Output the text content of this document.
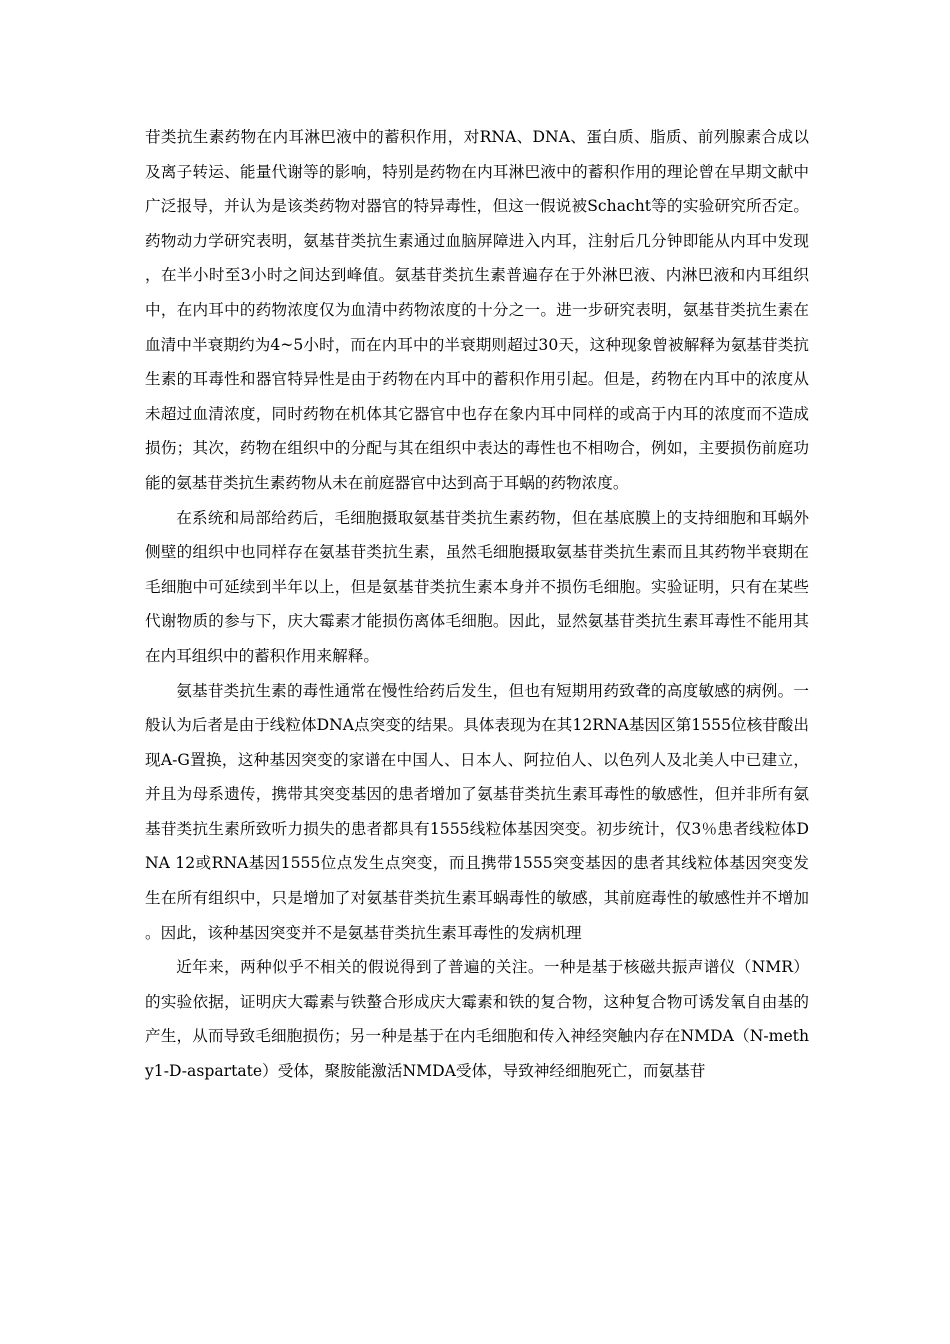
苷类抗生素药物在内耳淋巴液中的蓄积作用，对RNA、DNA、蛋白质、脂质、前列腺素合成以及离子转运、能量代谢等的影响，特别是药物在内耳淋巴液中的蓄积作用的理论曾在早期文献中广泛报导，并认为是该类药物对器官的特异毒性，但这一假说被Schacht等的实验研究所否定。药物动力学研究表明，氨基苷类抗生素通过血脑屏障进入内耳，注射后几分钟即能从内耳中发现，在半小时至3小时之间达到峰值。氨基苷类抗生素普遍存在于外淋巴液、内淋巴液和内耳组织中，在内耳中的药物浓度仅为血清中药物浓度的十分之一。进一步研究表明，氨基苷类抗生素在血清中半衰期约为4~5小时，而在内耳中的半衰期则超过30天，这种现象曾被解释为氨基苷类抗生素的耳毒性和器官特异性是由于药物在内耳中的蓄积作用引起。但是，药物在内耳中的浓度从未超过血清浓度，同时药物在机体其它器官中也存在象内耳中同样的或高于内耳的浓度而不造成损伤；其次，药物在组织中的分配与其在组织中表达的毒性也不相吻合，例如，主要损伤前庭功能的氨基苷类抗生素药物从未在前庭器官中达到高于耳蜗的药物浓度。

在系统和局部给药后，毛细胞摄取氨基苷类抗生素药物，但在基底膜上的支持细胞和耳蜗外侧壁的组织中也同样存在氨基苷类抗生素，虽然毛细胞摄取氨基苷类抗生素而且其药物半衰期在毛细胞中可延续到半年以上，但是氨基苷类抗生素本身并不损伤毛细胞。实验证明，只有在某些代谢物质的参与下，庆大霉素才能损伤离体毛细胞。因此，显然氨基苷类抗生素耳毒性不能用其在内耳组织中的蓄积作用来解释。

氨基苷类抗生素的毒性通常在慢性给药后发生，但也有短期用药致聋的高度敏感的病例。一般认为后者是由于线粒体DNA点突变的结果。具体表现为在其12RNA基因区第1555位核苷酸出现A-G置换，这种基因突变的家谱在中国人、日本人、阿拉伯人、以色列人及北美人中已建立，并且为母系遗传，携带其突变基因的患者增加了氨基苷类抗生素耳毒性的敏感性，但并非所有氨基苷类抗生素所致听力损失的患者都具有1555线粒体基因突变。初步统计，仅3％患者线粒体DNA 12或RNA基因1555位点发生点突变，而且携带1555突变基因的患者其线粒体基因突变发生在所有组织中，只是增加了对氨基苷类抗生素耳蜗毒性的敏感，其前庭毒性的敏感性并不增加。因此，该种基因突变并不是氨基苷类抗生素耳毒性的发病机理

近年来，两种似乎不相关的假说得到了普遍的关注。一种是基于核磁共振声谱仪（NMR）的实验依据，证明庆大霉素与铁螯合形成庆大霉素和铁的复合物，这种复合物可诱发氧自由基的产生，从而导致毛细胞损伤；另一种是基于在内毛细胞和传入神经突触内存在NMDA（N-methy1-D-aspartate）受体，聚胺能激活NMDA受体，导致神经细胞死亡，而氨基苷
